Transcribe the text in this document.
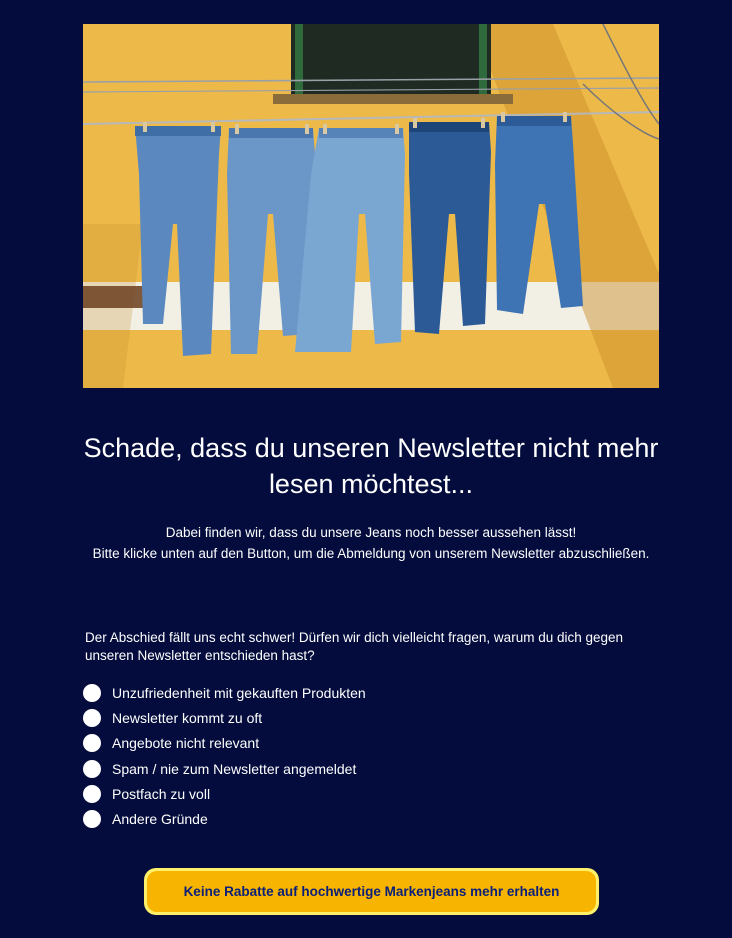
Schade, dass du unseren Newsletter nicht mehr lesen möchtest...
Dabei finden wir, dass du unsere Jeans noch besser aussehen lässt!
Bitte klicke unten auf den Button, um die Abmeldung von unserem Newsletter abzuschließen.

Der Abschied fällt uns echt schwer! Dürfen wir dich vielleicht fragen, warum du dich gegen unseren Newsletter entschieden hast?

Unzufriedenheit mit gekauften Produkten
Newsletter kommt zu oft
Angebote nicht relevant
Spam / nie zum Newsletter angemeldet
Postfach zu voll
Andere Gründe
Keine Rabatte auf hochwertige Markenjeans mehr erhalten
